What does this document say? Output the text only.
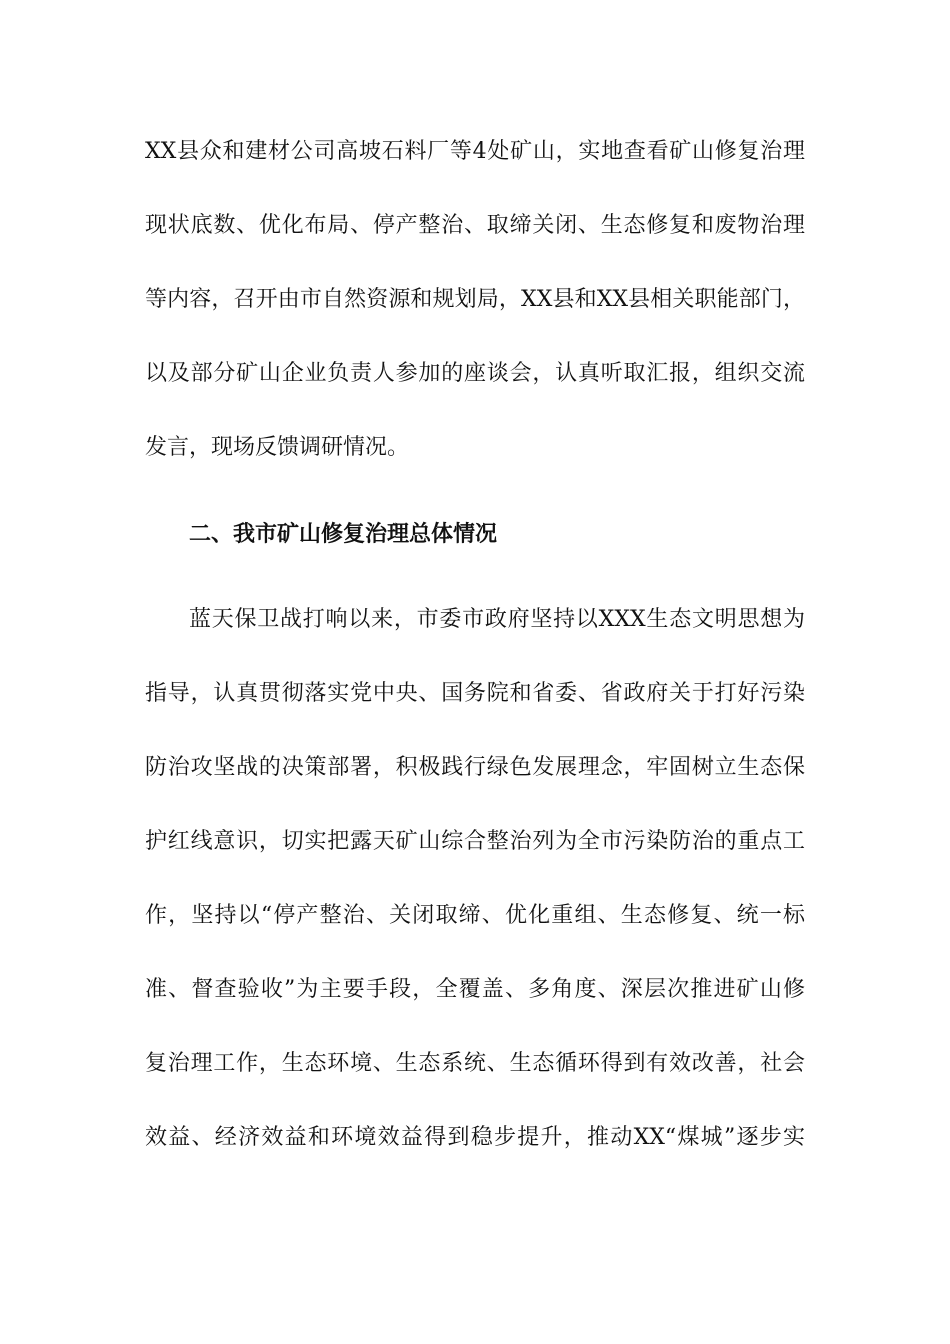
XX县众和建材公司高坡石料厂等4处矿山，实地查看矿山修复治理
现状底数、优化布局、停产整治、取缔关闭、生态修复和废物治理
等内容，召开由市自然资源和规划局，XX县和XX县相关职能部门，
以及部分矿山企业负责人参加的座谈会，认真听取汇报，组织交流
发言，现场反馈调研情况。
二、我市矿山修复治理总体情况
蓝天保卫战打响以来，市委市政府坚持以XXX生态文明思想为
指导，认真贯彻落实党中央、国务院和省委、省政府关于打好污染
防治攻坚战的决策部署，积极践行绿色发展理念，牢固树立生态保
护红线意识，切实把露天矿山综合整治列为全市污染防治的重点工
作，坚持以“停产整治、关闭取缔、优化重组、生态修复、统一标
准、督查验收”为主要手段，全覆盖、多角度、深层次推进矿山修
复治理工作，生态环境、生态系统、生态循环得到有效改善，社会
效益、经济效益和环境效益得到稳步提升，推动XX“煤城”逐步实
